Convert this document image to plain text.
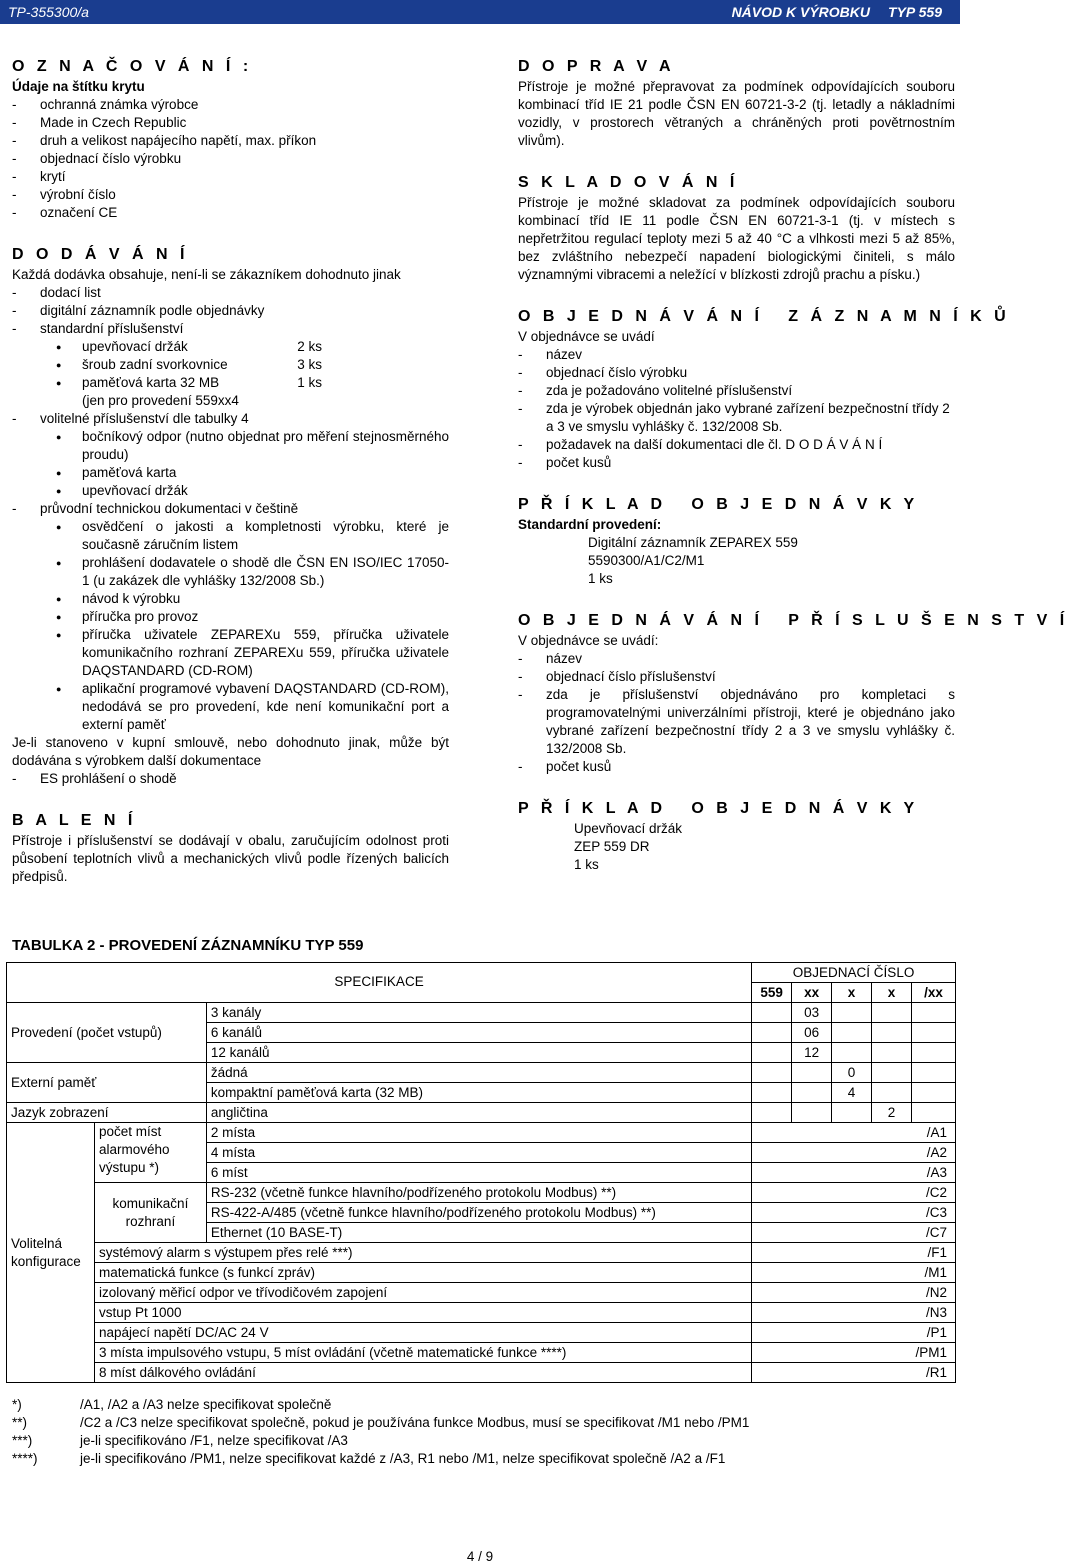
TP-355300/a	NÁVOD K VÝROBKU TYP 559
O Z N A Č O V Á N Í :

Údaje na štítku krytu

- ochranná známka výrobce

- Made in Czech Republic

- druh a velikost napájecího napětí, max. příkon

- objednací číslo výrobku

- krytí

- výrobní číslo

- označení CE

D O D Á V Á N Í

Každá dodávka obsahuje, není-li se zákazníkem dohodnuto jinak

- dodací list

- digitální záznamník podle objednávky

- standardní příslušenství

● upevňovací držák	2 ks
● šroub zadní svorkovnice	3 ks
● paměťová karta 32 MB	1 ks

(jen pro provedení 559xx4

- volitelné příslušenství dle tabulky 4

● bočníkový odpor (nutno objednat pro měření stejnosměrného proudu)

● paměťová karta

● upevňovací držák

- průvodní technickou dokumentaci v češtině

● osvědčení o jakosti a kompletnosti výrobku, které je současně záručním listem

● prohlášení dodavatele o shodě dle ČSN EN ISO/IEC 17050-1 (u zakázek dle vyhlášky 132/2008 Sb.)

● návod k výrobku

● příručka pro provoz

● příručka uživatele ZEPAREXu 559, příručka uživatele komunikačního rozhraní ZEPAREXu 559, příručka uživatele DAQSTANDARD (CD-ROM)

● aplikační programové vybavení DAQSTANDARD (CD-ROM), nedodává se pro provedení, kde není komunikační port a externí paměť

Je-li stanoveno v kupní smlouvě, nebo dohodnuto jinak, může být dodávána s výrobkem další dokumentace

- ES prohlášení o shodě

B A L E N Í

Přístroje i příslušenství se dodávají v obalu, zaručujícím odolnost proti působení teplotních vlivů a mechanických vlivů podle řízených balicích předpisů.

D O P R A V A

Přístroje je možné přepravovat za podmínek odpovídajících souboru kombinací tříd IE 21 podle ČSN EN 60721-3-2 (tj. letadly a nákladními vozidly, v prostorech větraných a chráněných proti povětrnostním vlivům).

S K L A D O V Á N Í

Přístroje je možné skladovat za podmínek odpovídajících souboru kombinací tříd IE 11 podle ČSN EN 60721-3-1 (tj. v místech s nepřetržitou regulací teploty mezi 5 až 40 °C a vlhkosti mezi 5 až 85%, bez zvláštního nebezpečí napadení biologickými činiteli, s málo významnými vibracemi a neležící v blízkosti zdrojů prachu a písku.)

O B J E D N Á V Á N Í   Z Á Z N A M N Í K Ů

V objednávce se uvádí

- název

- objednací číslo výrobku

- zda je požadováno volitelné příslušenství

- zda je výrobek objednán jako vybrané zařízení bezpečnostní třídy 2 a 3 ve smyslu vyhlášky č. 132/2008 Sb.

- požadavek na další dokumentaci dle čl. D O D Á V Á N Í

- počet kusů

P Ř Í K L A D   O B J E D N Á V K Y

Standardní provedení:

Digitální záznamník ZEPAREX 559

5590300/A1/C2/M1

1 ks

O B J E D N Á V Á N Í   P Ř Í S L U Š E N S T V Í

V objednávce se uvádí:

- název

- objednací číslo příslušenství

- zda je příslušenství objednáváno pro kompletaci s programovatelnými univerzálními přístroji, které je objednáno jako vybrané zařízení bezpečnostní třídy 2 a 3 ve smyslu vyhlášky č. 132/2008 Sb.

- počet kusů

P Ř Í K L A D   O B J E D N Á V K Y

Upevňovací držák

ZEP 559 DR

1 ks

TABULKA 2 - PROVEDENÍ ZÁZNAMNÍKU TYP 559
SPECIFIKACE			OBJEDNACÍ ČÍSLO				
			559	xx	x	x	/xx
Provedení (počet vstupů)		3 kanály		03			
		6 kanálů		06			
		12 kanálů		12			
Externí paměť		žádná			0		
		kompaktní paměťová karta (32 MB)			4		
Jazyk zobrazení		angličtina				2	
Volitelná konfigurace	počet míst alarmového výstupu *)	2 místa	/A1				
		4 místa	/A2				
		6 míst	/A3				
	komunikační rozhraní	RS-232 (včetně funkce hlavního/podřízeného protokolu Modbus) **)	/C2				
		RS-422-A/485 (včetně funkce hlavního/podřízeného protokolu Modbus) **)	/C3				
		Ethernet (10 BASE-T)	/C7				
	systémový alarm s výstupem přes relé ***)		/F1				
	matematická funkce (s funkcí zpráv)		/M1				
	izolovaný měřicí odpor ve třívodičovém zapojení		/N2				
	vstup Pt 1000		/N3				
	napájecí napětí DC/AC 24 V		/P1				
	3 místa impulsového vstupu, 5 míst ovládání (včetně matematické funkce ****)		/PM1				
	8 míst dálkového ovládání		/R1				
*)	/A1, /A2 a /A3 nelze specifikovat společně
**)	/C2 a /C3 nelze specifikovat společně, pokud je používána funkce Modbus, musí se specifikovat /M1 nebo /PM1
***)	je-li specifikováno /F1, nelze specifikovat /A3
****)	je-li specifikováno /PM1, nelze specifikovat každé z /A3, R1 nebo /M1, nelze specifikovat společně /A2 a /F1
4 / 9
